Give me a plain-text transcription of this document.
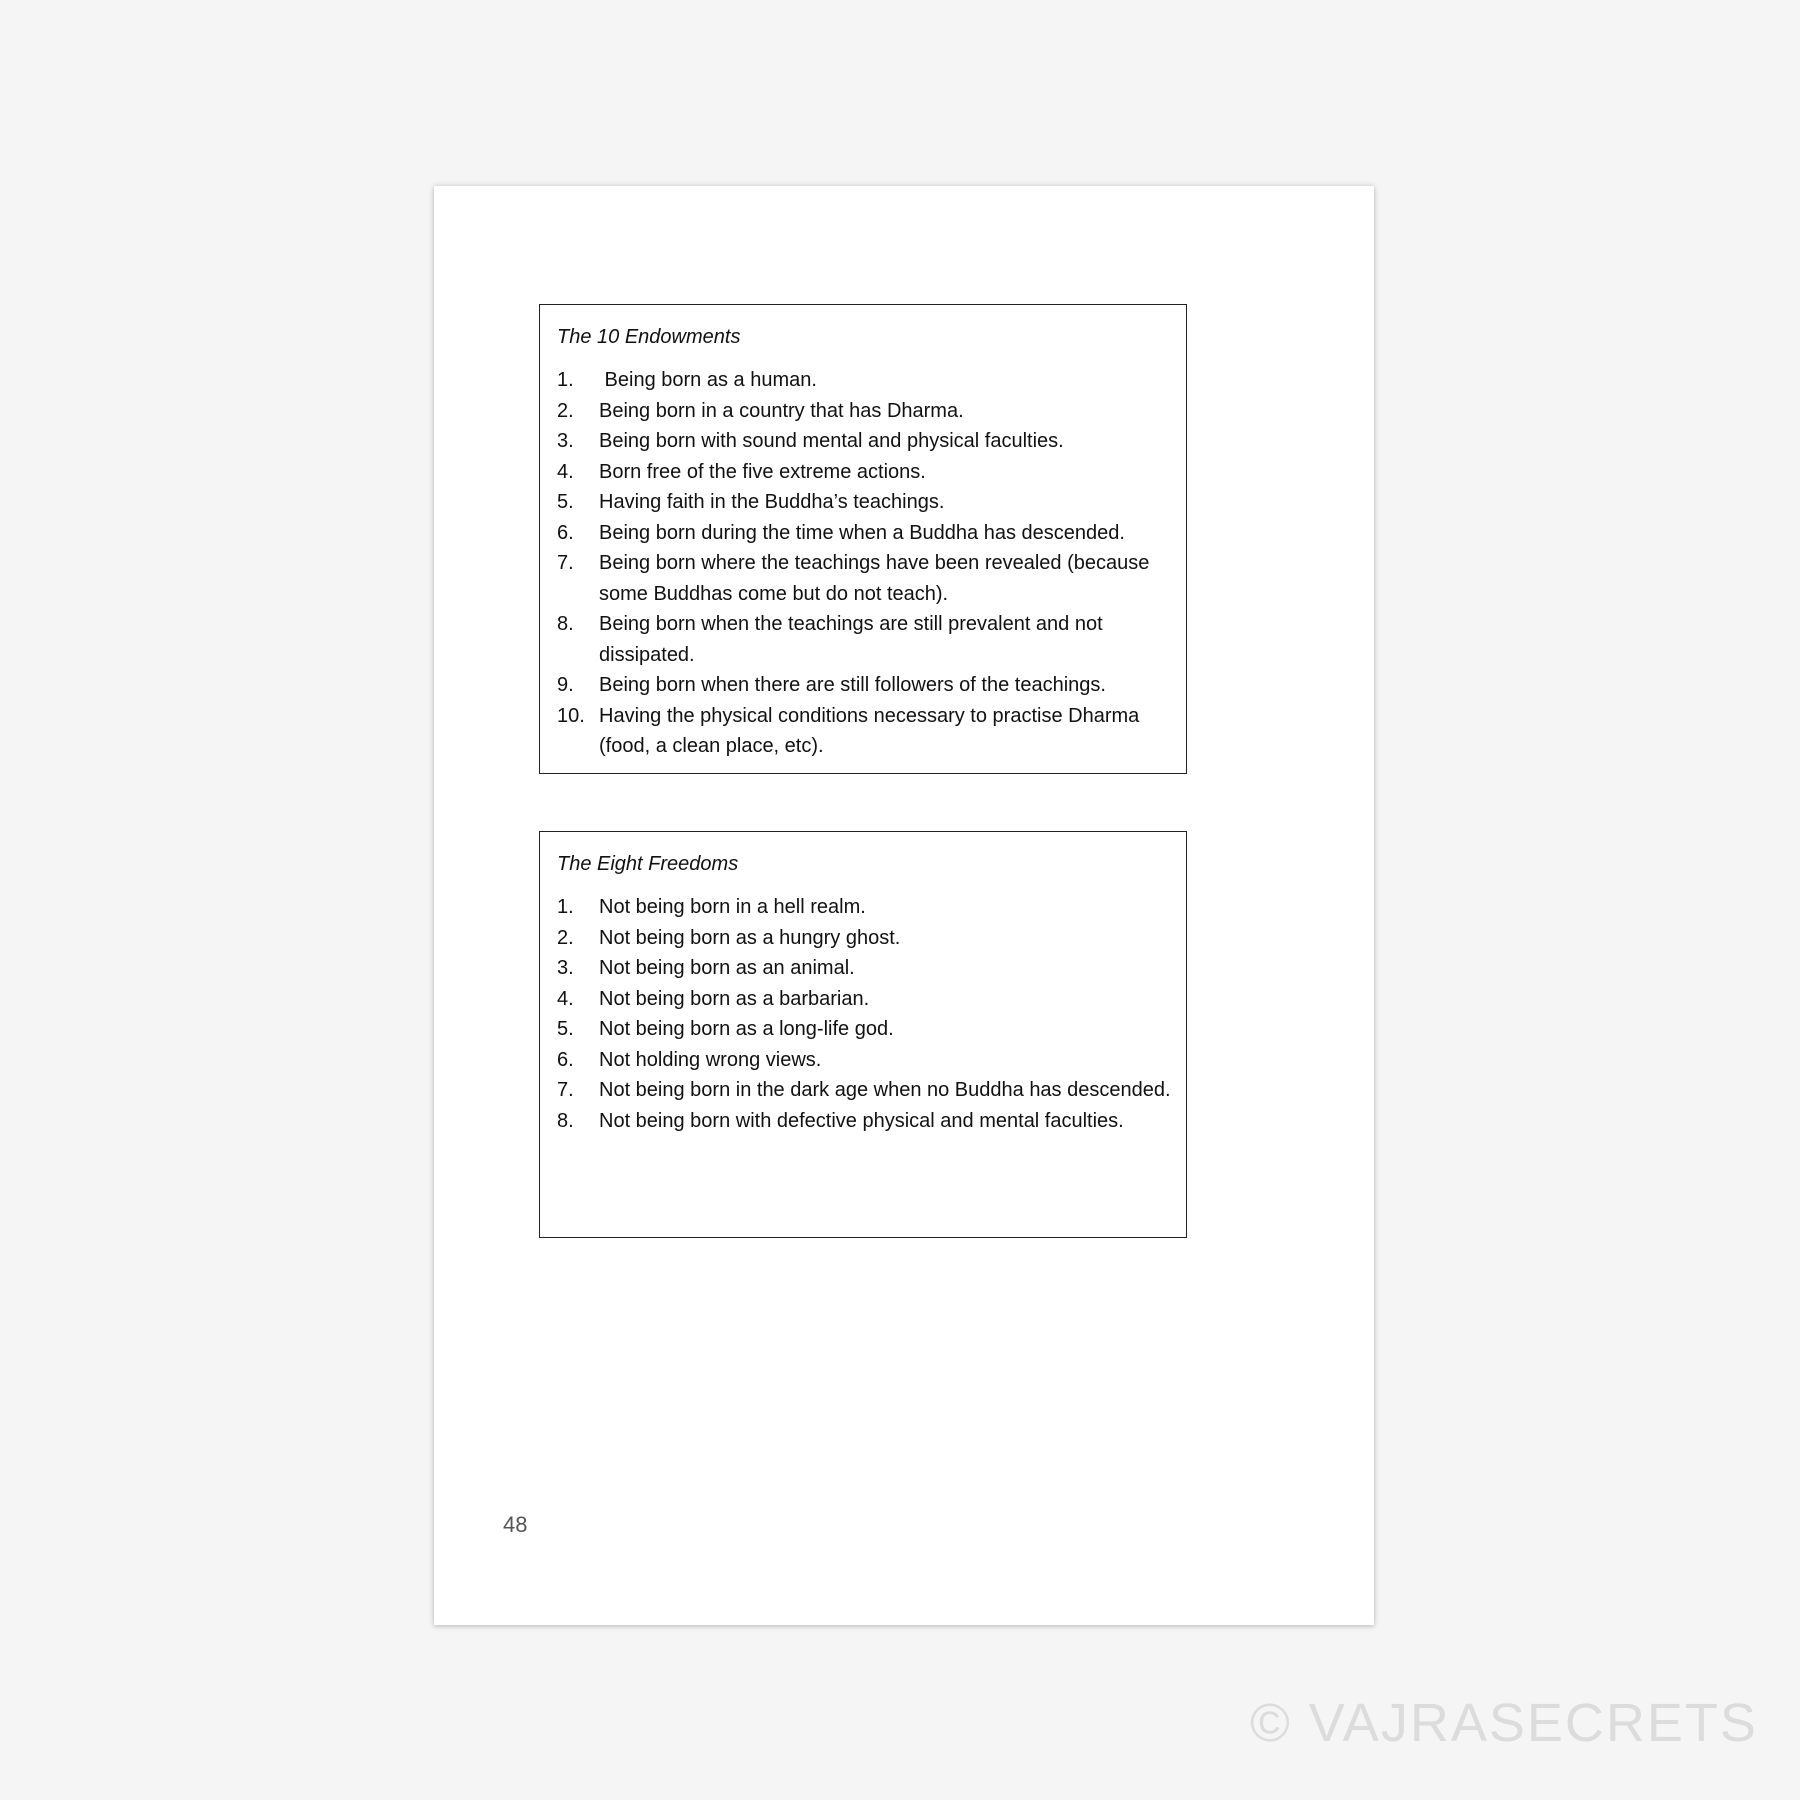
The 10 Endowments
1.	Being born as a human.
2.	Being born in a country that has Dharma.
3.	Being born with sound mental and physical faculties.
4.	Born free of the five extreme actions.
5.	Having faith in the Buddha’s teachings.
6.	Being born during the time when a Buddha has descended.
7.	Being born where the teachings have been revealed (because some Buddhas come but do not teach).
8.	Being born when the teachings are still prevalent and not dissipated.
9.	Being born when there are still followers of the teachings.
10. Having the physical conditions necessary to practise Dharma (food, a clean place, etc).
The Eight Freedoms
1.	Not being born in a hell realm.
2.	Not being born as a hungry ghost.
3.	Not being born as an animal.
4.	Not being born as a barbarian.
5.	Not being born as a long-life god.
6.	Not holding wrong views.
7.	Not being born in the dark age when no Buddha has descended.
8.	Not being born with defective physical and mental faculties.
48
© VAJRASECRETS
